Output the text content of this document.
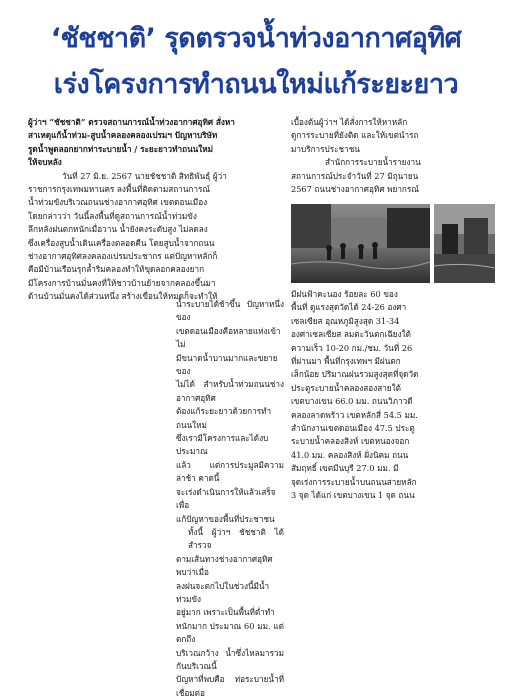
‘ชัชชาติ’ รุดตรวจน้ำท่วงอากาศอุทิศ
เร่งโครงการทำถนนใหม่แก้ระยะยาว

ผู้ว่าฯ “ชัชชาติ” ตรวจสถานการณ์น้ำท่วงอากาศอุทิศ สั่งหา

สาเหตุแก้น้ำท่วม-สูบน้ำคลองคลองเปรมฯ ปัญหาบริษัท

รูดน้ำพูดลอกยากท่าระบายน้ำ / ระยะยาวทำถนนใหม่

ให้จบหลัง

วันที่ 27 มิ.ย. 2567 นายชัชชาติ สิทธิพันธุ์ ผู้ว่า

ราชการกรุงเทพมหานคร ลงพื้นที่ติดตามสถานการณ์

น้ำท่วมขังบริเวณถนนช่างอากาศอุทิศ เขตดอนเมือง

โดยกล่าวว่า วันนี้ลงพื้นที่ดูสถานการณ์น้ำท่วมขัง

ลึกหลังฝนตกหนักเมื่อวาน น้ำยังคงระดับสูง ไม่ลดลง

ซึ่งเครื่องสูบน้ำเดินเครื่องตลอดคืน โดยสูบน้ำจากถนน

ช่างอากาศอุทิศลงคลองเปรมประชากร แต่ปัญหาหลักก็

คือมีบ้านเรือนรุกล้ำริมคลองทำให้ขุดลอกคลองยาก

มีโครงการบ้านมั่นคงที่ให้ชาวบ้านย้ายจากคลองขึ้นมา

ด้านบ้านมั่นคงได้ส่วนหนึ่ง สร้างเขื่อนให้หมดก็จะทำให้

น้ำระบายได้ช้าขึ้น ปัญหาหนึ่งของ

เขตดอนเมืองคือหลายแห่งเข้าไม่

มีขนาดน้ำบานมากและขยายของ

ไม่ได้ สำหรับน้ำท่วมถนนช่างอากาศอุทิศ

ต้องแก้ระยะยาวด้วยการทำถนนใหม่

ซึ่งเรามีโครงการและได้งบประมาณ

แล้ว แต่การประมูลมีความล่าช้า คาดนี้

จะเร่งดำเนินการให้แล้วเสร็จเพื่อ

แก้ปัญหาของพื้นที่ประชาชน

ทั้งนี้ ผู้ว่าฯ ชัชชาติ ได้สำรวจ

ตามเส้นทางช่างอากาศอุทิศ พบว่าเมื่อ

ลงฝนจะตกไปในช่วงนี้มีน้ำท่วมขัง

อยู่มาก เพราะเป็นพื้นที่ต่ำทำ

หนักมาก ประมาณ 60 มม. แต่ตกถึง

บริเวณกว้าง น้ำซึ่งไหลมารวมกันบริเวณนี้

ปัญหาที่พบคือ ท่อระบายน้ำที่เชื่อมต่อ

เบื้องต้นผู้ว่าฯ ได้สั่งการให้หาหลัก

ดูการระบายที่ยังติด และให้เขตนำรถ

มาบริการประชาชน

สำนักการระบายน้ำรายงาน

สถานการณ์ประจำวันที่ 27 มิถุนายน

2567 ถนนช่างอากาศอุทิศ พยากรณ์

มีฝนฟ้าคะนอง ร้อยละ 60 ของ

พื้นที่ ดูแรงสุดวัดได้ 24-26 องศา

เซลเซียส อุณหภูมิสูงสุด 31-34

องศาเซลเซียส ลมตะวันตกเฉียงใต้

ความเร็ว 10-20 กม./ชม. วันที่ 26

ที่ผ่านมา พื้นที่กรุงเทพฯ มีฝนตก

เล็กน้อย ปริมาณฝนรวมสูงสุดที่จุดวัด

ประตูระบายน้ำคลองสองสายใต้

เขตบางเขน 66.0 มม. ถนนวิภาวดี

คลองลาดพร้าว เขตหลักสี่ 54.5 มม.

สำนักงานเขตดอนเมือง 47.5 ประตู

ระบายน้ำคลองสิงห์ เขตหนองจอก

41.0 มม. คลองสิงห์ ฝั่งนิคม ถนน

สัมฤทธิ์ เขตมีนบุรี 27.0 มม. มี

จุดเร่งการระบายน้ำบนถนนสายหลัก

3 จุด ได้แก่ เขตบางเขน 1 จุด ถนน
